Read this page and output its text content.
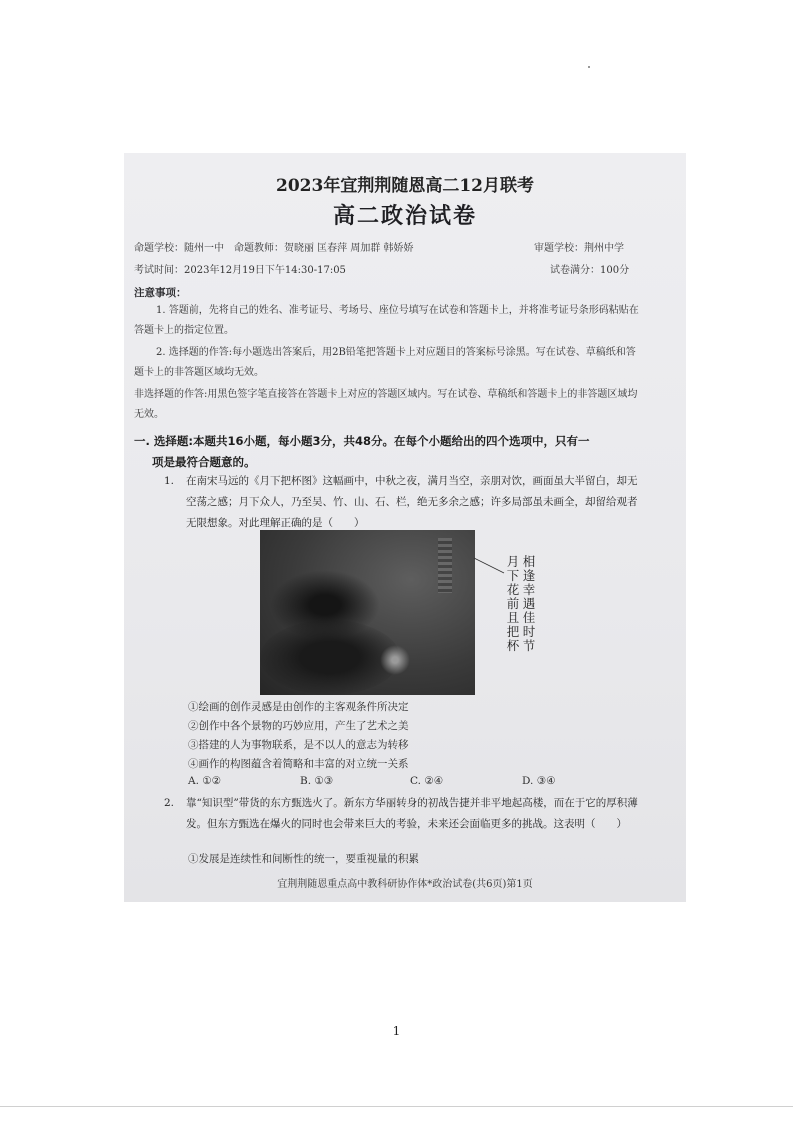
2023年宜荆荆随恩高二12月联考
高二政治试卷
命题学校：随州一中 命题教师：贺晓丽 匡春萍 周加群 韩娇娇	审题学校：荆州中学
考试时间：2023年12月19日下午14:30-17:05	试卷满分：100分
注意事项：
1. 答题前，先将自己的姓名、准考证号、考场号、座位号填写在试卷和答题卡上，并将准考证号条形码粘贴在答题卡上的指定位置。
2. 选择题的作答:每小题选出答案后，用2B铅笔把答题卡上对应题目的答案标号涂黑。写在试卷、草稿纸和答题卡上的非答题区域均无效。
非选择题的作答:用黑色签字笔直接答在答题卡上对应的答题区域内。写在试卷、草稿纸和答题卡上的非答题区域均无效。
一. 选择题:本题共16小题，每小题3分，共48分。在每个小题给出的四个选项中，只有一
项是最符合题意的。
1.	在南宋马远的《月下把杯图》这幅画中，中秋之夜，满月当空，亲朋对饮，画面虽大半留白，却无空荡之感；月下众人，乃至吴、竹、山、石、栏，绝无多余之感；许多局部虽未画全，却留给观者无限想象。对此理解正确的是（　　）
相逢幸遇佳时节
月下花前且把杯
①绘画的创作灵感是由创作的主客观条件所决定
②创作中各个景物的巧妙应用，产生了艺术之美
③搭建的人为事物联系，是不以人的意志为转移
④画作的构图蕴含着简略和丰富的对立统一关系
A. ①②	B. ①③	C. ②④	D. ③④
2.	靠“知识型”带货的东方甄选火了。新东方华丽转身的初战告捷并非平地起高楼，而在于它的厚积薄发。但东方甄选在爆火的同时也会带来巨大的考验，未来还会面临更多的挑战。这表明（　　）
①发展是连续性和间断性的统一，要重视量的积累
宜荆荆随恩重点高中教科研协作体*政治试卷(共6页)第1页
1
